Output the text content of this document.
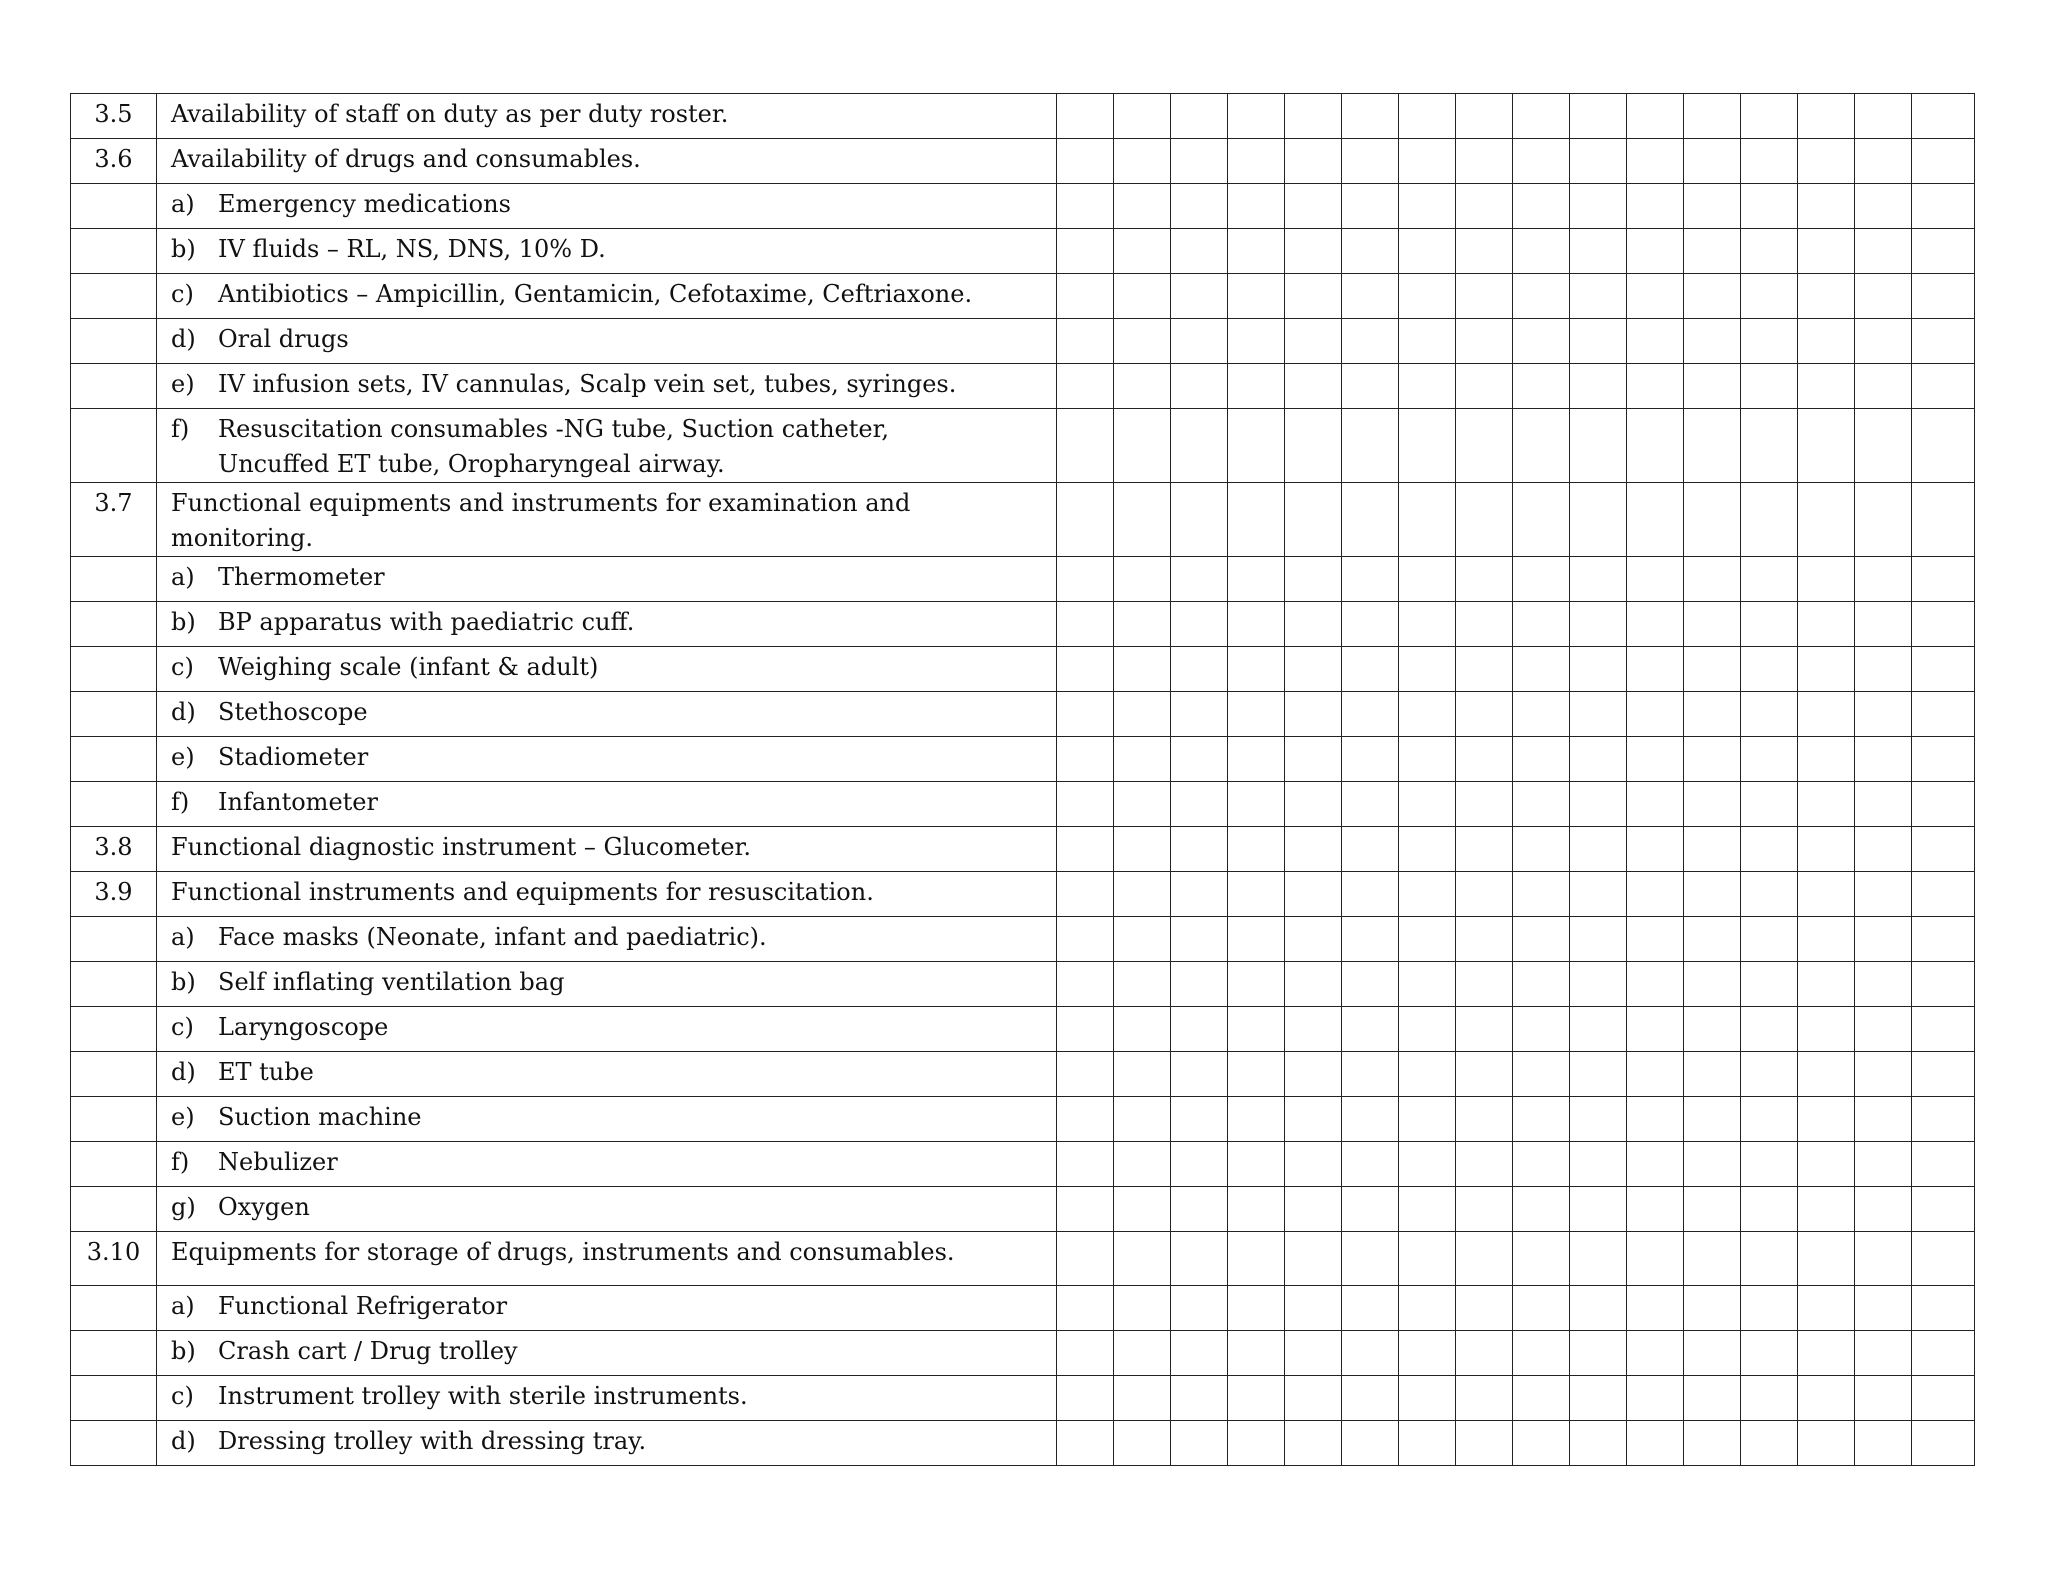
3.5	Availability of staff on duty as per duty roster.																
3.6	Availability of drugs and consumables.																

	a) Emergency medications																

	b) IV fluids – RL, NS, DNS, 10% D.																

	c) Antibiotics – Ampicillin, Gentamicin, Cefotaxime, Ceftriaxone.																

	d) Oral drugs																

	e) IV infusion sets, IV cannulas, Scalp vein set, tubes, syringes.																

	f) Resuscitation consumables -NG tube, Suction catheter,
Uncuffed ET tube, Oropharyngeal airway.																

3.7	Functional equipments and instruments for examination and monitoring.																

	a) Thermometer																

	b) BP apparatus with paediatric cuff.																

	c) Weighing scale (infant & adult)																

	d) Stethoscope																

	e) Stadiometer																

	f) Infantometer																

3.8	Functional diagnostic instrument – Glucometer.																
3.9	Functional instruments and equipments for resuscitation.																

	a) Face masks (Neonate, infant and paediatric).																

	b) Self inflating ventilation bag																

	c) Laryngoscope																

	d) ET tube																

	e) Suction machine																

	f) Nebulizer																

	g) Oxygen																

3.10	Equipments for storage of drugs, instruments and consumables.																

	a) Functional Refrigerator																

	b) Crash cart / Drug trolley																

	c) Instrument trolley with sterile instruments.																

	d) Dressing trolley with dressing tray.																
